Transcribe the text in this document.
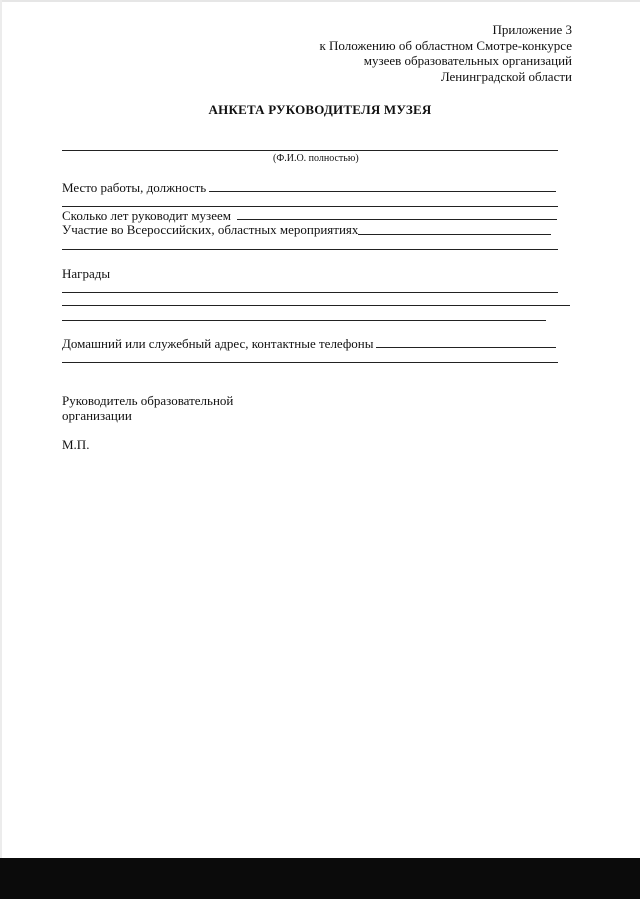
Приложение 3
к Положению об областном Смотре-конкурсе
музеев образовательных организаций
Ленинградской области
АНКЕТА РУКОВОДИТЕЛЯ МУЗЕЯ
(Ф.И.О. полностью)
Место работы, должность
Сколько лет руководит музеем
Участие во Всероссийских, областных мероприятиях
Награды
Домашний или служебный адрес, контактные телефоны
Руководитель образовательной
организации
М.П.
